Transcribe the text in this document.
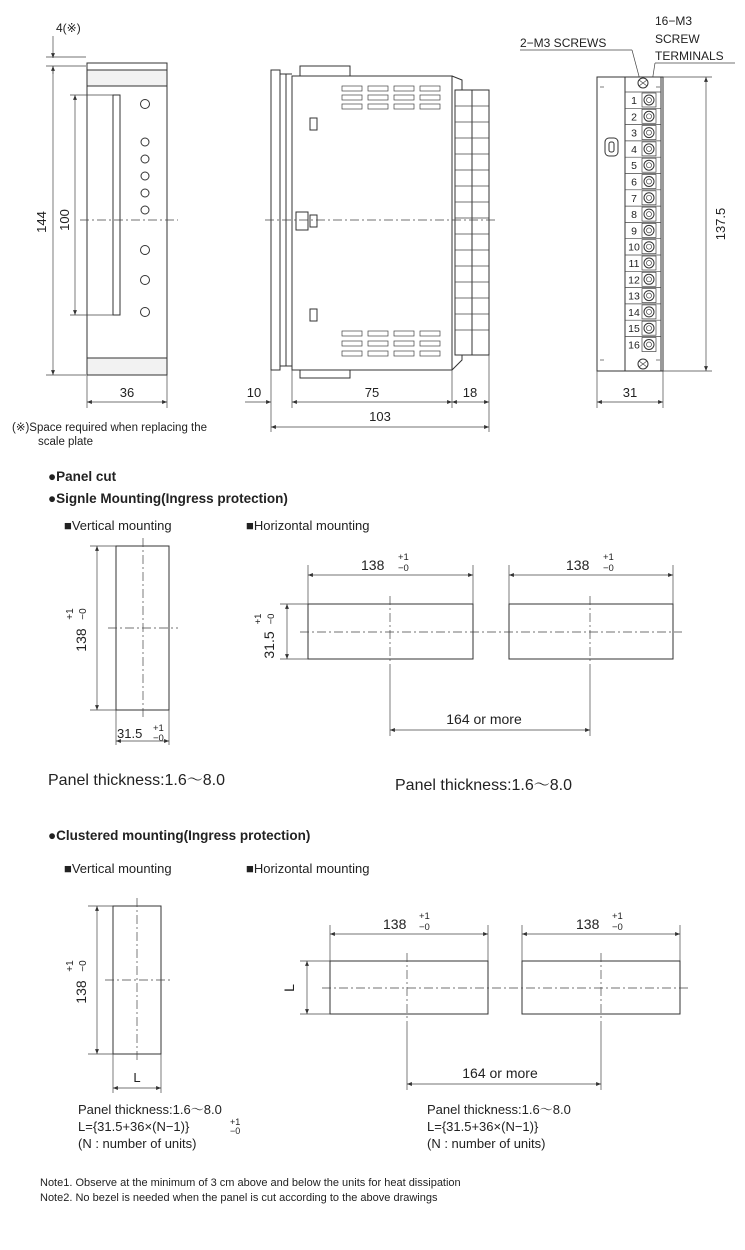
4(※)
144 100
36	10	75	18
103
2−M3 SCREWS
16−M3
SCREW
TERMINALS
1
2
3
4
5
6
7
8
9
10
11
12
13
14
15
16
137.5
31
(※)Space required when replacing the
scale plate
●Panel cut
●Signle Mounting(Ingress protection)
■Vertical mounting	■Horizontal mounting
138
+1 −0
31.5 +1
−0
Panel thickness:1.6〜8.0
138 +1
−0	138 +1
−0
31.5
+1 −0
164 or more
Panel thickness:1.6〜8.0
●Clustered mounting(Ingress protection)
■Vertical mounting	■Horizontal mounting
138
+1 −0
L
Panel thickness:1.6〜8.0
L={31.5+36×(N−1)}	+1
−0
(N : number of units)
138 +1
−0	138 +1
−0
L
164 or more
Panel thickness:1.6〜8.0
L={31.5+36×(N−1)}
(N : number of units)
Note1. Observe at the minimum of 3 cm above and below the units for heat dissipation
Note2. No bezel is needed when the panel is cut according to the above drawings
